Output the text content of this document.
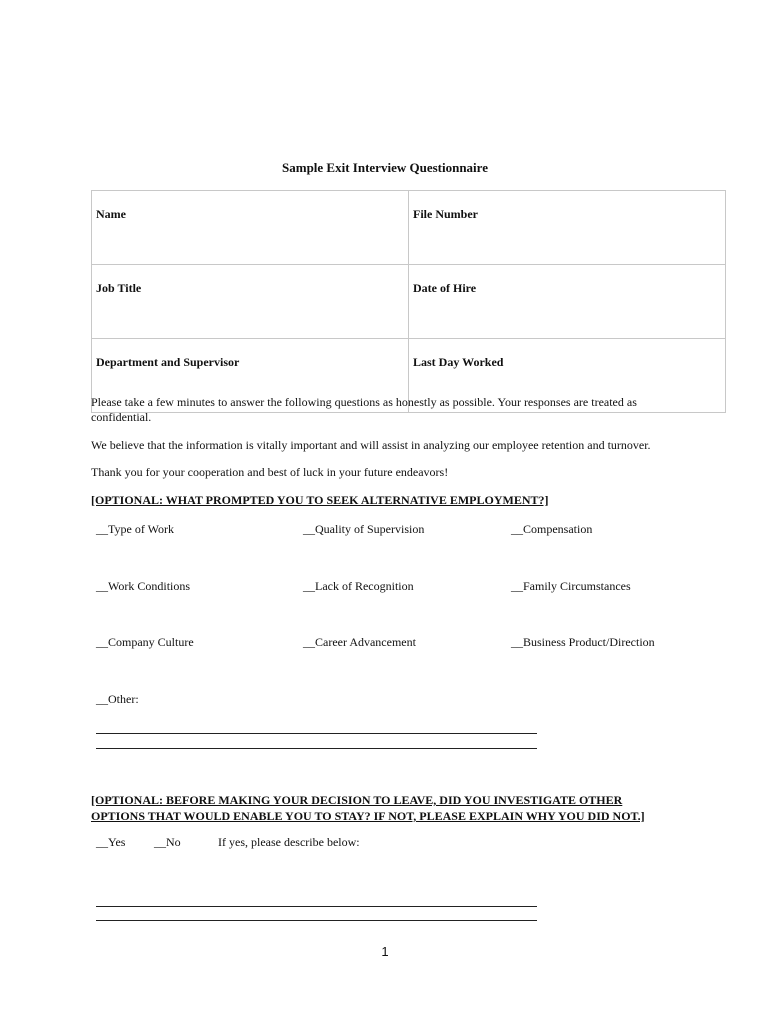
Sample Exit Interview Questionnaire
Name	File Number
Job Title	Date of Hire
Department and Supervisor	Last Day Worked
Please take a few minutes to answer the following questions as honestly as possible. Your responses are treated as confidential.
We believe that the information is vitally important and will assist in analyzing our employee retention and turnover.
Thank you for your cooperation and best of luck in your future endeavors!
[OPTIONAL: WHAT PROMPTED YOU TO SEEK ALTERNATIVE EMPLOYMENT?]
__Type of Work	__Quality of Supervision	__Compensation
__Work Conditions	__Lack of Recognition	__Family Circumstances
__Company Culture	__Career Advancement	__Business Product/Direction
__Other:
[OPTIONAL: BEFORE MAKING YOUR DECISION TO LEAVE, DID YOU INVESTIGATE OTHER
OPTIONS THAT WOULD ENABLE YOU TO STAY? IF NOT, PLEASE EXPLAIN WHY YOU DID NOT.]
__Yes __No	If yes, please describe below:
1
